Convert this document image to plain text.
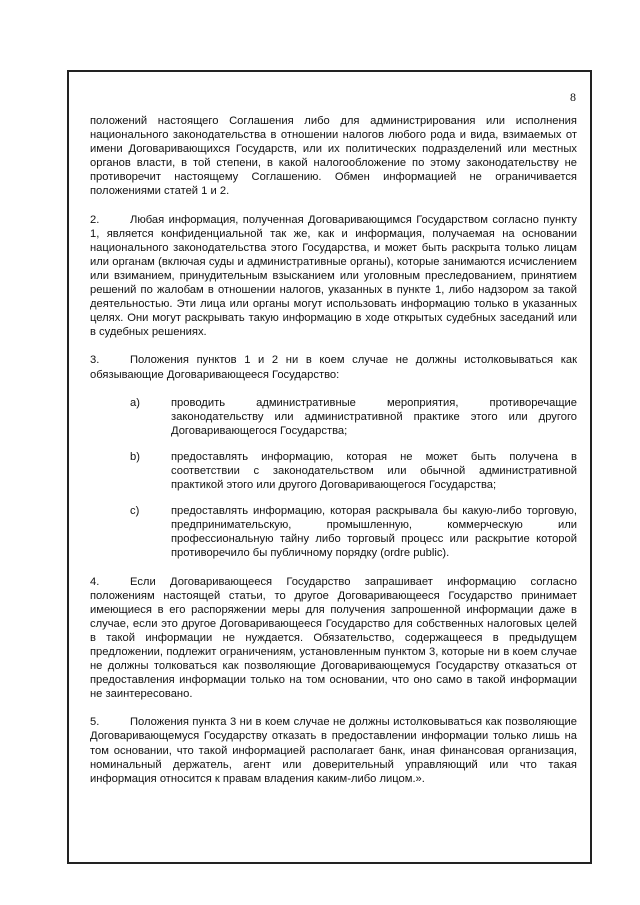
8

положений настоящего Соглашения либо для администрирования или исполнения национального законодательства в отношении налогов любого рода и вида, взимаемых от имени Договаривающихся Государств, или их политических подразделений или местных органов власти, в той степени, в какой налогообложение по этому законодательству не противоречит настоящему Соглашению. Обмен информацией не ограничивается положениями статей 1 и 2.

2.	Любая информация, полученная Договаривающимся Государством согласно пункту 1, является конфиденциальной так же, как и информация, получаемая на основании национального законодательства этого Государства, и может быть раскрыта только лицам или органам (включая суды и административные органы), которые занимаются исчислением или взиманием, принудительным взысканием или уголовным преследованием, принятием решений по жалобам в отношении налогов, указанных в пункте 1, либо надзором за такой деятельностью. Эти лица или органы могут использовать информацию только в указанных целях. Они могут раскрывать такую информацию в ходе открытых судебных заседаний или в судебных решениях.

3.	Положения пунктов 1 и 2 ни в коем случае не должны истолковываться как обязывающие Договаривающееся Государство:

a)	проводить административные мероприятия, противоречащие законодательству или административной практике этого или другого Договаривающегося Государства;
b)	предоставлять информацию, которая не может быть получена в соответствии с законодательством или обычной административной практикой этого или другого Договаривающегося Государства;
c)	предоставлять информацию, которая раскрывала бы какую-либо торговую, предпринимательскую, промышленную, коммерческую или профессиональную тайну либо торговый процесс или раскрытие которой противоречило бы публичному порядку (ordre public).

4.	Если Договаривающееся Государство запрашивает информацию согласно положениям настоящей статьи, то другое Договаривающееся Государство принимает имеющиеся в его распоряжении меры для получения запрошенной информации даже в случае, если это другое Договаривающееся Государство для собственных налоговых целей в такой информации не нуждается. Обязательство, содержащееся в предыдущем предложении, подлежит ограничениям, установленным пунктом 3, которые ни в коем случае не должны толковаться как позволяющие Договаривающемуся Государству отказаться от предоставления информации только на том основании, что оно само в такой информации не заинтересовано.

5.	Положения пункта 3 ни в коем случае не должны истолковываться как позволяющие Договаривающемуся Государству отказать в предоставлении информации только лишь на том основании, что такой информацией располагает банк, иная финансовая организация, номинальный держатель, агент или доверительный управляющий или что такая информация относится к правам владения каким-либо лицом.».
